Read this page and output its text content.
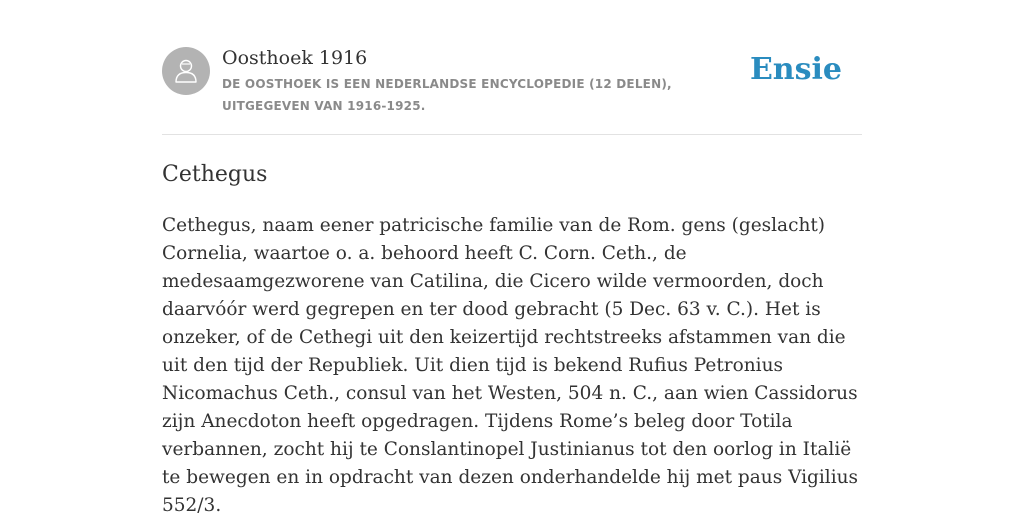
Oosthoek 1916

DE OOSTHOEK IS EEN NEDERLANDSE ENCYCLOPEDIE (12 DELEN), UITGEGEVEN VAN 1916-1925.

Ensie
Cethegus

Cethegus, naam eener patricische familie van de Rom. gens (geslacht) Cornelia, waartoe o. a. behoord heeft C. Corn. Ceth., de medesaamgezworene van Catilina, die Cicero wilde vermoorden, doch daarvóór werd gegrepen en ter dood gebracht (5 Dec. 63 v. C.). Het is onzeker, of de Cethegi uit den keizertijd rechtstreeks afstammen van die uit den tijd der Republiek. Uit dien tijd is bekend Rufius Petronius Nicomachus Ceth., consul van het Westen, 504 n. C., aan wien Cassidorus zijn Anecdoton heeft opgedragen. Tijdens Rome’s beleg door Totila verbannen, zocht hij te Conslantinopel Justinianus tot den oorlog in Italië te bewegen en in opdracht van dezen onderhandelde hij met paus Vigilius 552/3.
